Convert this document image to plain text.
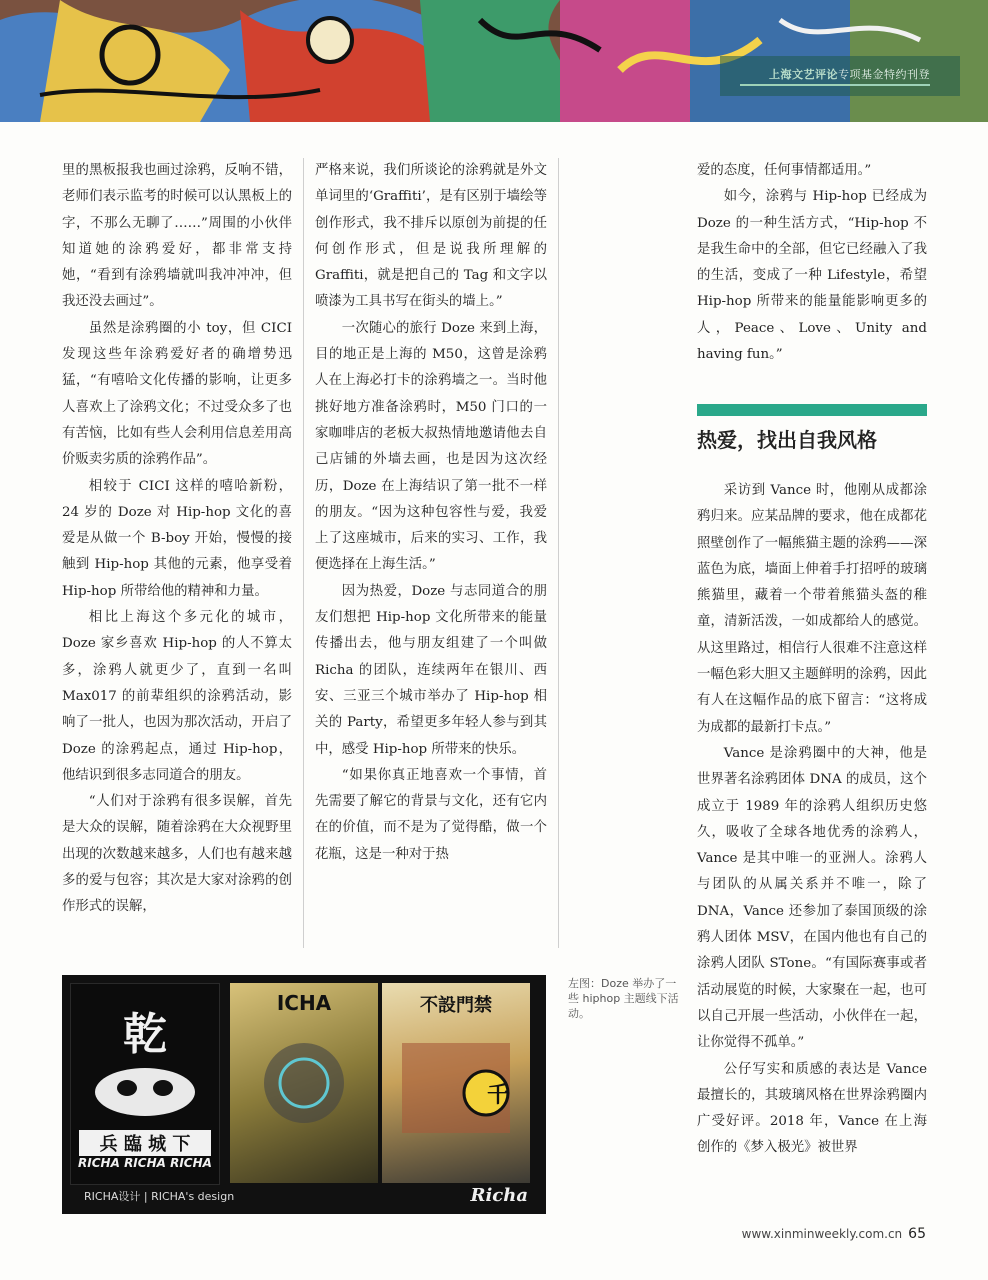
上海文艺评论专项基金特约刊登

里的黑板报我也画过涂鸦，反响不错，老师们表示监考的时候可以认黑板上的字，不那么无聊了……”周围的小伙伴知道她的涂鸦爱好，都非常支持她，“看到有涂鸦墙就叫我冲冲冲，但我还没去画过”。

虽然是涂鸦圈的小 toy，但 CICI 发现这些年涂鸦爱好者的确增势迅猛，“有嘻哈文化传播的影响，让更多人喜欢上了涂鸦文化；不过受众多了也有苦恼，比如有些人会利用信息差用高价贩卖劣质的涂鸦作品”。

相较于 CICI 这样的嘻哈新粉，24 岁的 Doze 对 Hip-hop 文化的喜爱是从做一个 B-boy 开始，慢慢的接触到 Hip-hop 其他的元素，他享受着 Hip-hop 所带给他的精神和力量。

相比上海这个多元化的城市，Doze 家乡喜欢 Hip-hop 的人不算太多，涂鸦人就更少了，直到一名叫 Max017 的前辈组织的涂鸦活动，影响了一批人，也因为那次活动，开启了 Doze 的涂鸦起点，通过 Hip-hop，他结识到很多志同道合的朋友。

“人们对于涂鸦有很多误解，首先是大众的误解，随着涂鸦在大众视野里出现的次数越来越多，人们也有越来越多的爱与包容；其次是大家对涂鸦的创作形式的误解，

严格来说，我们所谈论的涂鸦就是外文单词里的‘Graffiti’，是有区别于墙绘等创作形式，我不排斥以原创为前提的任何创作形式，但是说我所理解的 Graffiti，就是把自己的 Tag 和文字以喷漆为工具书写在街头的墙上。”

一次随心的旅行 Doze 来到上海，目的地正是上海的 M50，这曾是涂鸦人在上海必打卡的涂鸦墙之一。当时他挑好地方准备涂鸦时，M50 门口的一家咖啡店的老板大叔热情地邀请他去自己店铺的外墙去画，也是因为这次经历，Doze 在上海结识了第一批不一样的朋友。“因为这种包容性与爱，我爱上了这座城市，后来的实习、工作，我便选择在上海生活。”

因为热爱，Doze 与志同道合的朋友们想把 Hip-hop 文化所带来的能量传播出去，他与朋友组建了一个叫做 Richa 的团队，连续两年在银川、西安、三亚三个城市举办了 Hip-hop 相关的 Party，希望更多年轻人参与到其中，感受 Hip-hop 所带来的快乐。

“如果你真正地喜欢一个事情，首先需要了解它的背景与文化，还有它内在的价值，而不是为了觉得酷，做一个花瓶，这是一种对于热

爱的态度，任何事情都适用。”

如今，涂鸦与 Hip-hop 已经成为 Doze 的一种生活方式，“Hip-hop 不是我生命中的全部，但它已经融入了我的生活，变成了一种 Lifestyle，希望 Hip-hop 所带来的能量能影响更多的人，Peace、Love、Unity and having fun。”

热爱，找出自我风格

采访到 Vance 时，他刚从成都涂鸦归来。应某品牌的要求，他在成都花照壁创作了一幅熊猫主题的涂鸦——深蓝色为底，墙面上伸着手打招呼的玻璃熊猫里，藏着一个带着熊猫头盔的稚童，清新活泼，一如成都给人的感觉。从这里路过，相信行人很难不注意这样一幅色彩大胆又主题鲜明的涂鸦，因此有人在这幅作品的底下留言：“这将成为成都的最新打卡点。”

Vance 是涂鸦圈中的大神，他是世界著名涂鸦团体 DNA 的成员，这个成立于 1989 年的涂鸦人组织历史悠久，吸收了全球各地优秀的涂鸦人，Vance 是其中唯一的亚洲人。涂鸦人与团队的从属关系并不唯一，除了 DNA，Vance 还参加了泰国顶级的涂鸦人团体 MSV，在国内他也有自己的涂鸦人团队 STone。“有国际赛事或者活动展览的时候，大家聚在一起，也可以自己开展一些活动，小伙伴在一起，让你觉得不孤单。”

公仔写实和质感的表达是 Vance 最擅长的，其玻璃风格在世界涂鸦圈内广受好评。2018 年，Vance 在上海创作的《梦入极光》被世界

乾
兵 臨 城 下
RICHA RICHA RICHA
ICHA	不設門禁
千
RICHA设计 | RICHA's design	Richa
左图：Doze 举办了一些 hiphop 主题线下活动。
www.xinminweekly.com.cn 65
